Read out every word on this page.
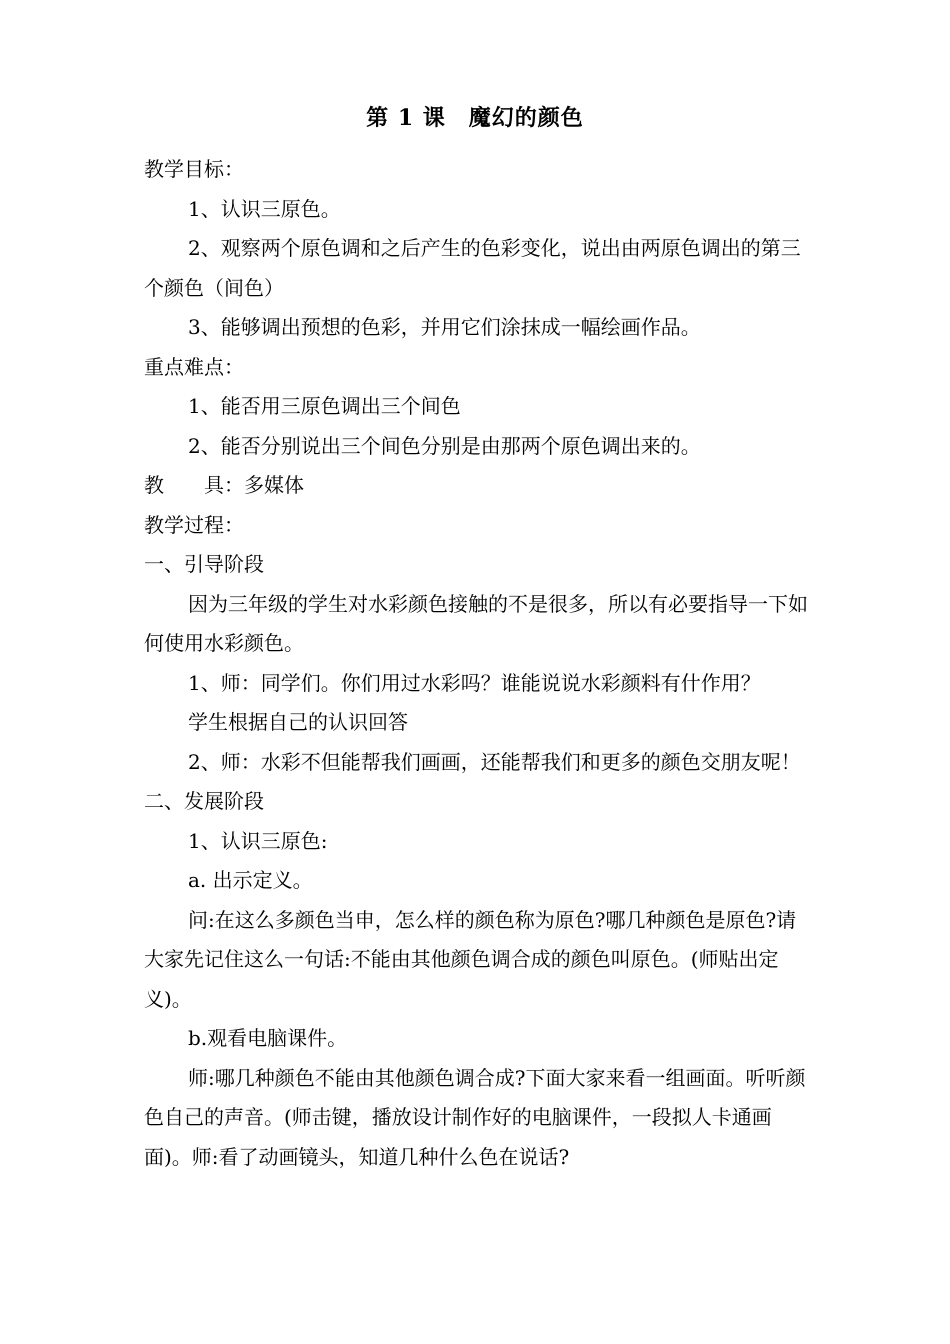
第 1 课　魔幻的颜色

教学目标：

1、认识三原色。

2、观察两个原色调和之后产生的色彩变化，说出由两原色调出的第三个颜色（间色）

3、能够调出预想的色彩，并用它们涂抹成一幅绘画作品。

重点难点：

1、能否用三原色调出三个间色

2、能否分别说出三个间色分别是由那两个原色调出来的。

教　　具：多媒体

教学过程：

一、引导阶段

因为三年级的学生对水彩颜色接触的不是很多，所以有必要指导一下如何使用水彩颜色。

1、师：同学们。你们用过水彩吗？谁能说说水彩颜料有什作用？

学生根据自己的认识回答

2、师：水彩不但能帮我们画画，还能帮我们和更多的颜色交朋友呢！

二、发展阶段

1、认识三原色:

a. 出示定义。

问:在这么多颜色当申，怎么样的颜色称为原色?哪几种颜色是原色?请大家先记住这么一句话:不能由其他颜色调合成的颜色叫原色。(师贴出定义)。

b.观看电脑课件。

师:哪几种颜色不能由其他颜色调合成?下面大家来看一组画面。听听颜色自己的声音。(师击键，播放设计制作好的电脑课件，一段拟人卡通画面)。师:看了动画镜头，知道几种什么色在说话?
